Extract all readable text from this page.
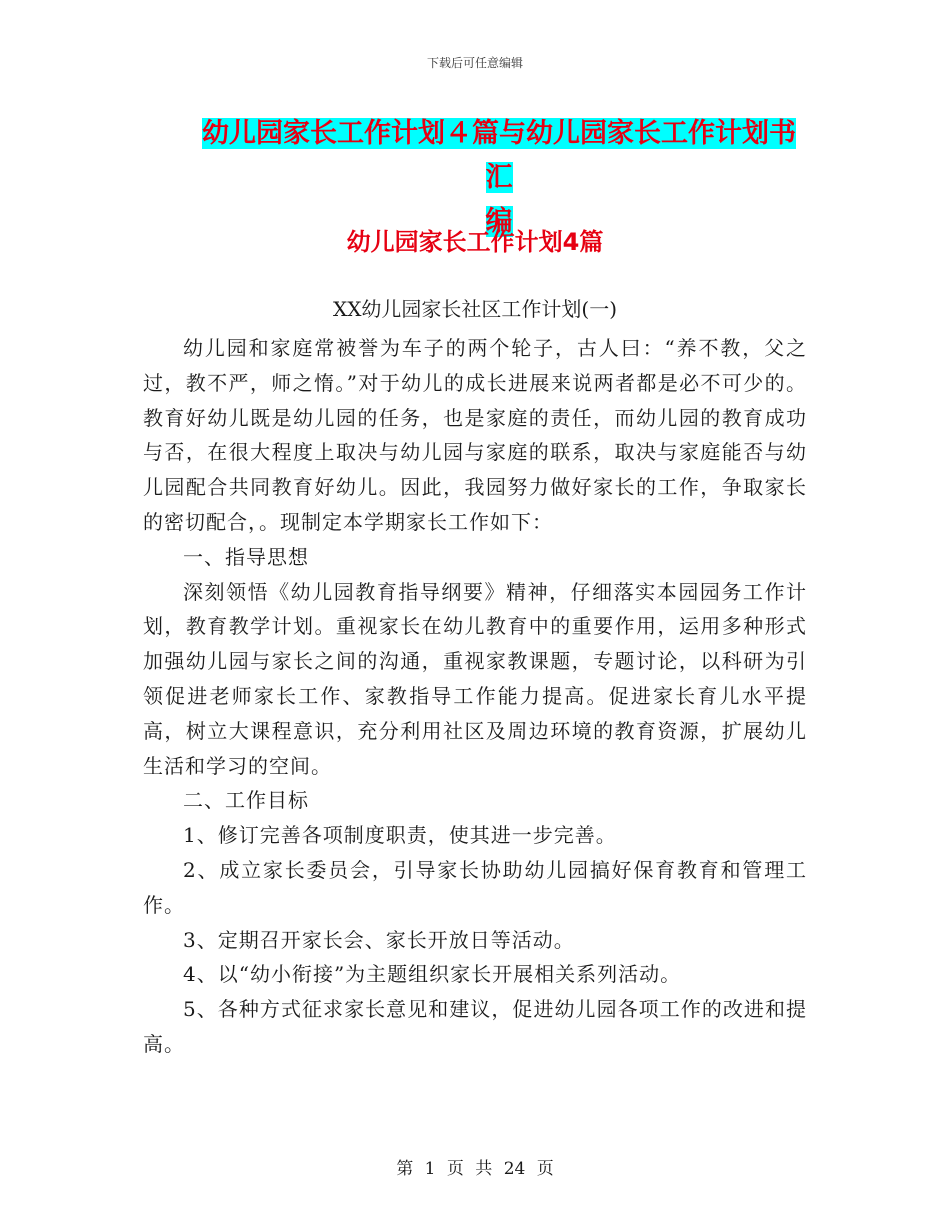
下载后可任意编辑
幼儿园家长工作计划４篇与幼儿园家长工作计划书汇
编
幼儿园家长工作计划4篇
XX幼儿园家长社区工作计划(一)

幼儿园和家庭常被誉为车子的两个轮子，古人曰：“养不教，父之过，教不严，师之惰。”对于幼儿的成长进展来说两者都是必不可少的。教育好幼儿既是幼儿园的任务，也是家庭的责任，而幼儿园的教育成功与否，在很大程度上取决与幼儿园与家庭的联系，取决与家庭能否与幼儿园配合共同教育好幼儿。因此，我园努力做好家长的工作，争取家长的密切配合，。现制定本学期家长工作如下：

一、指导思想

深刻领悟《幼儿园教育指导纲要》精神，仔细落实本园园务工作计划，教育教学计划。重视家长在幼儿教育中的重要作用，运用多种形式加强幼儿园与家长之间的沟通，重视家教课题，专题讨论，以科研为引领促进老师家长工作、家教指导工作能力提高。促进家长育儿水平提高，树立大课程意识，充分利用社区及周边环境的教育资源，扩展幼儿生活和学习的空间。

二、工作目标

1、修订完善各项制度职责，使其进一步完善。

2、成立家长委员会，引导家长协助幼儿园搞好保育教育和管理工作。

3、定期召开家长会、家长开放日等活动。

4、以“幼小衔接”为主题组织家长开展相关系列活动。

5、各种方式征求家长意见和建议，促进幼儿园各项工作的改进和提高。

第 1 页 共 24 页
